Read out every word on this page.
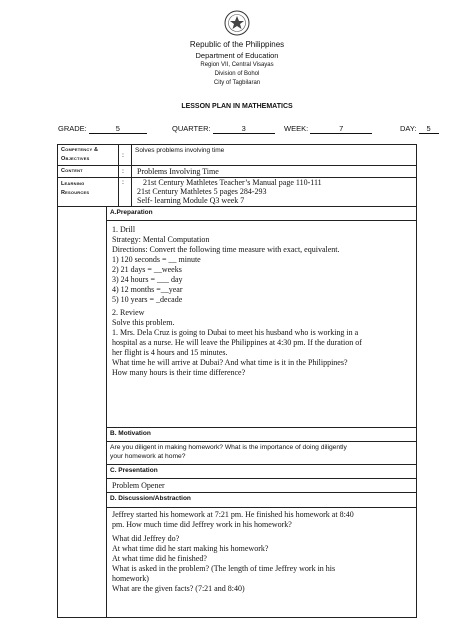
Republic of the Philippines
Department of Education
Region VII, Central Visayas
Division of Bohol
City of Tagbilaran
LESSON PLAN IN MATHEMATICS
GRADE:	5	QUARTER:	3	WEEK:	7	DAY: 5
Competency &
Objectives	:
Solves problems involving time
Content	: Problems Involving Time
Learning
Resources
: 21st Century Mathletes Teacher’s Manual page 110-111
21st Century Mathletes 5 pages 284-293
Self- learning Module Q3 week 7
A.Preparation
1. Drill
Strategy: Mental Computation
Directions: Convert the following time measure with exact, equivalent.
1) 120 seconds = __ minute
2) 21 days = __weeks
3) 24 hours = ___ day
4) 12 months =__year
5) 10 years = _decade
2. Review
Solve this problem.
1. Mrs. Dela Cruz is going to Dubai to meet his husband who is working in a
hospital as a nurse. He will leave the Philippines at 4:30 pm. If the duration of
her flight is 4 hours and 15 minutes.
What time he will arrive at Dubai? And what time is it in the Philippines?
How many hours is their time difference?
B. Motivation
Are you diligent in making homework? What is the importance of doing diligently
your homework at home?
C. Presentation
Problem Opener
D. Discussion/Abstraction
Jeffrey started his homework at 7:21 pm. He finished his homework at 8:40
pm. How much time did Jeffrey work in his homework?
What did Jeffrey do?
At what time did he start making his homework?
At what time did he finished?
What is asked in the problem? (The length of time Jeffrey work in his
homework)
What are the given facts? (7:21 and 8:40)
